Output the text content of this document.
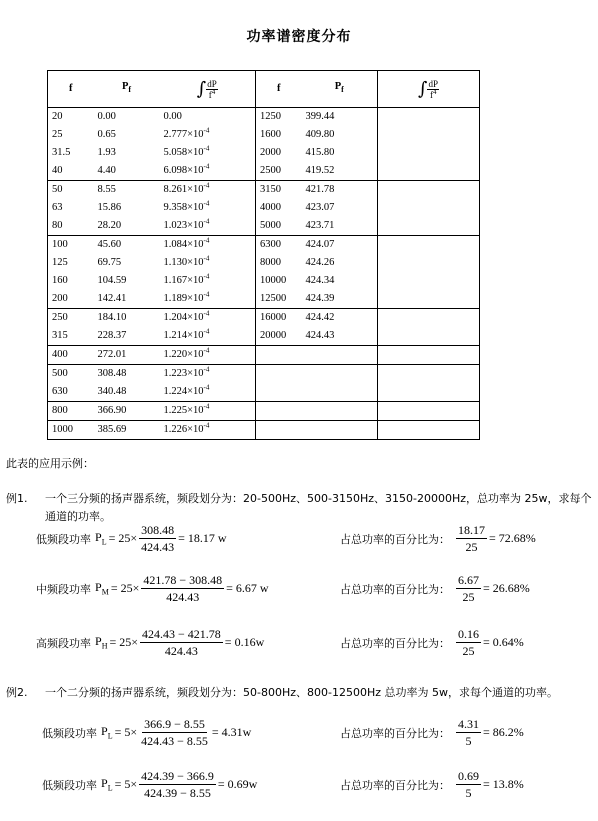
功率谱密度分布
f	$P_f$	∫ $\frac{dP}{f^4}$	f	$P_f$	∫ $\frac{dP}{f^4}$

20	0.00	0.00	1250	399.44	
25	0.65	$2.777\times 10^{-4}$	1600	409.80	
31.5	1.93	$5.058\times 10^{-4}$	2000	415.80	
40	4.40	$6.098\times 10^{-4}$	2500	419.52	
50	8.55	$8.261\times 10^{-4}$	3150	421.78	
63	15.86	$9.358\times 10^{-4}$	4000	423.07	
80	28.20	$1.023\times 10^{-4}$	5000	423.71	
100	45.60	$1.084\times 10^{-4}$	6300	424.07	
125	69.75	$1.130\times 10^{-4}$	8000	424.26	
160	104.59	$1.167\times 10^{-4}$	10000	424.34	
200	142.41	$1.189\times 10^{-4}$	12500	424.39	
250	184.10	$1.204\times 10^{-4}$	16000	424.42	
315	228.37	$1.214\times 10^{-4}$	20000	424.43	
400	272.01	$1.220\times 10^{-4}$			
500	308.48	$1.223\times 10^{-4}$			
630	340.48	$1.224\times 10^{-4}$			
800	366.90	$1.225\times 10^{-4}$			
1000	385.69	$1.226\times 10^{-4}$			
此表的应用示例：
例1. 一个三分频的扬声器系统，频段划分为：20-500Hz、500-3150Hz、3150-20000Hz，总功率为 25w，求每个
通道的功率。
低频段功率 $P_L = 25\times \frac{308.48}{424.43} = 18.17$ w	占总功率的百分比为： $\frac{18.17}{25} = 72.68\%$
中频段功率 $P_M = 25\times \frac{421.78 - 308.48}{424.43} = 6.67$ w	占总功率的百分比为： $\frac{6.67}{25} = 26.68\%$
高频段功率 $P_H = 25\times \frac{424.43 - 421.78}{424.43} = 0.16w$	占总功率的百分比为： $\frac{0.16}{25} = 0.64\%$
例2. 一个二分频的扬声器系统，频段划分为：50-800Hz、800-12500Hz 总功率为 5w，求每个通道的功率。
低频段功率 $P_L = 5\times \frac{366.9 - 8.55}{424.43 - 8.55} = 4.31w$	占总功率的百分比为： $\frac{4.31}{5} = 86.2\%$
低频段功率 $P_L = 5\times \frac{424.39 - 366.9}{424.39 - 8.55} = 0.69w$	占总功率的百分比为： $\frac{0.69}{5} = 13.8\%$
